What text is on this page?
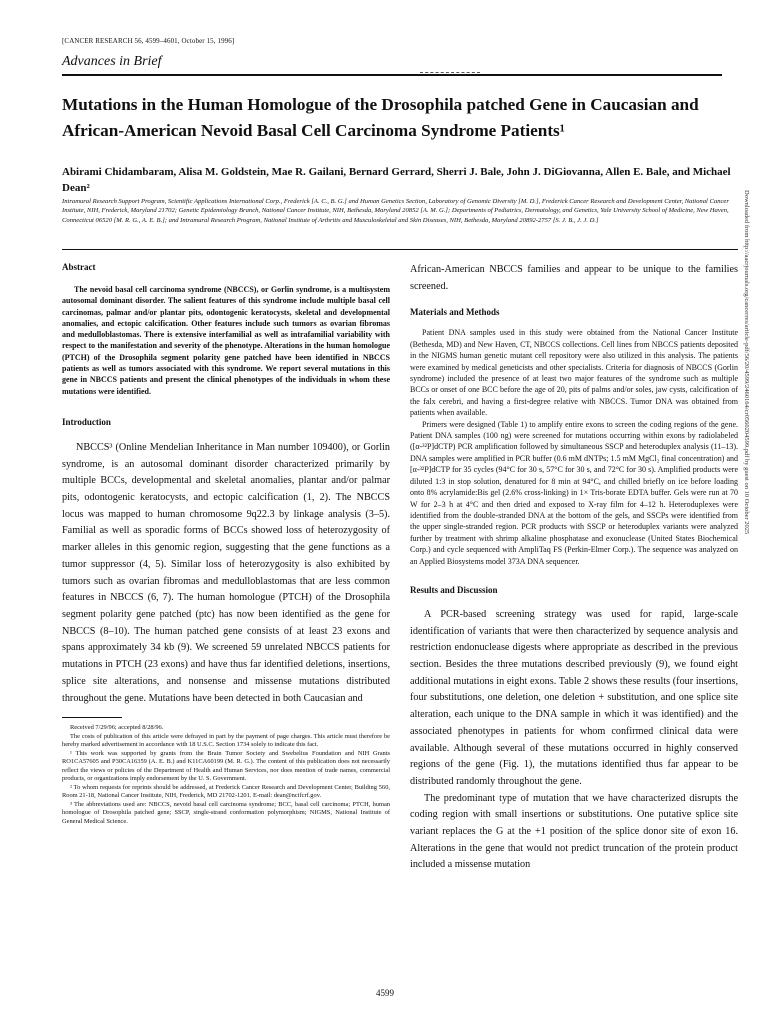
[CANCER RESEARCH 56, 4599–4601, October 15, 1996]
Advances in Brief
Mutations in the Human Homologue of the Drosophila patched Gene in Caucasian and African-American Nevoid Basal Cell Carcinoma Syndrome Patients¹
Abirami Chidambaram, Alisa M. Goldstein, Mae R. Gailani, Bernard Gerrard, Sherri J. Bale, John J. DiGiovanna, Allen E. Bale, and Michael Dean²
Intramural Research Support Program, Scientific Applications International Corp., Frederick [A. C., B. G.] and Human Genetics Section, Laboratory of Genomic Diversity [M. D.], Frederick Cancer Research and Development Center, National Cancer Institute, NIH, Frederick, Maryland 21702; Genetic Epidemiology Branch, National Cancer Institute, NIH, Bethesda, Maryland 20852 [A. M. G.]; Departments of Pediatrics, Dermatology, and Genetics, Yale University School of Medicine, New Haven, Connecticut 06520 [M. R. G., A. E. B.]; and Intramural Research Program, National Institute of Arthritis and Musculoskeletal and Skin Diseases, NIH, Bethesda, Maryland 20892-2757 [S. J. B., J. J. D.]
Abstract

The nevoid basal cell carcinoma syndrome (NBCCS), or Gorlin syndrome, is a multisystem autosomal dominant disorder. The salient features of this syndrome include multiple basal cell carcinomas, palmar and/or plantar pits, odontogenic keratocysts, skeletal and developmental anomalies, and ectopic calcification. Other features include such tumors as ovarian fibromas and medulloblastomas. There is extensive interfamilial as well as intrafamilial variability with respect to the manifestation and severity of the phenotype. Alterations in the human homologue (PTCH) of the Drosophila segment polarity gene patched have been identified in NBCCS patients as well as tumors associated with this syndrome. We report several mutations in this gene in NBCCS patients and present the clinical phenotypes of the individuals in whom these mutations were identified.

Introduction

NBCCS³ (Online Mendelian Inheritance in Man number 109400), or Gorlin syndrome, is an autosomal dominant disorder characterized primarily by multiple BCCs, developmental and skeletal anomalies, plantar and/or palmar pits, odontogenic keratocysts, and ectopic calcification (1, 2). The NBCCS locus was mapped to human chromosome 9q22.3 by linkage analysis (3–5). Familial as well as sporadic forms of BCCs showed loss of heterozygosity of marker alleles in this genomic region, suggesting that the gene functions as a tumor suppressor (4, 5). Similar loss of heterozygosity is also exhibited by tumors such as ovarian fibromas and medulloblastomas that are less common features in NBCCS (6, 7). The human homologue (PTCH) of the Drosophila segment polarity gene patched (ptc) has now been identified as the gene for NBCCS (8–10). The human patched gene consists of at least 23 exons and spans approximately 34 kb (9). We screened 59 unrelated NBCCS patients for mutations in PTCH (23 exons) and have thus far identified deletions, insertions, splice site alterations, and nonsense and missense mutations distributed throughout the gene. Mutations have been detected in both Caucasian and

Received 7/29/96; accepted 8/28/96.

The costs of publication of this article were defrayed in part by the payment of page charges. This article must therefore be hereby marked advertisement in accordance with 18 U.S.C. Section 1734 solely to indicate this fact.

¹ This work was supported by grants from the Brain Tumor Society and Swebelius Foundation and NIH Grants RO1CA57605 and P30CA16359 (A. E. B.) and K11CA60199 (M. R. G.). The content of this publication does not necessarily reflect the views or policies of the Department of Health and Human Services, nor does mention of trade names, commercial products, or organizations imply endorsement by the U. S. Government.

² To whom requests for reprints should be addressed, at Frederick Cancer Research and Development Center, Building 560, Room 21-18, National Cancer Institute, NIH, Frederick, MD 21702-1201. E-mail: dean@ncifcrf.gov.

³ The abbreviations used are: NBCCS, nevoid basal cell carcinoma syndrome; BCC, basal cell carcinoma; PTCH, human homologue of Drosophila patched gene; SSCP, single-strand conformation polymorphism; NIGMS, National Institute of General Medical Science.

African-American NBCCS families and appear to be unique to the families screened.

Materials and Methods

Patient DNA samples used in this study were obtained from the National Cancer Institute (Bethesda, MD) and New Haven, CT, NBCCS collections. Cell lines from NBCCS patients deposited in the NIGMS human genetic mutant cell repository were also utilized in this analysis. The patients were examined by medical geneticists and other specialists. Criteria for diagnosis of NBCCS (Gorlin syndrome) included the presence of at least two major features of the syndrome such as multiple BCCs or onset of one BCC before the age of 20, pits of palms and/or soles, jaw cysts, calcification of the falx cerebri, and having a first-degree relative with NBCCS. Tumor DNA was obtained from patients when available.

Primers were designed (Table 1) to amplify entire exons to screen the coding regions of the gene. Patient DNA samples (100 ng) were screened for mutations occurring within exons by radiolabeled ([α-³²P]dCTP) PCR amplification followed by simultaneous SSCP and heteroduplex analysis (11–13). DNA samples were amplified in PCR buffer (0.6 mM dNTPs; 1.5 mM MgCl₂ final concentration) and [α-³²P]dCTP for 35 cycles (94°C for 30 s, 57°C for 30 s, and 72°C for 30 s). Amplified products were diluted 1:3 in stop solution, denatured for 8 min at 94°C, and chilled briefly on ice before loading onto 8% acrylamide:Bis gel (2.6% cross-linking) in 1× Tris-borate EDTA buffer. Gels were run at 70 W for 2–3 h at 4°C and then dried and exposed to X-ray film for 4–12 h. Heteroduplexes were identified from the double-stranded DNA at the bottom of the gels, and SSCPs were identified from the upper single-stranded region. PCR products with SSCP or heteroduplex variants were analyzed further by treatment with shrimp alkaline phosphatase and exonuclease (United States Biochemical Corp.) and cycle sequenced with AmpliTaq FS (Perkin-Elmer Corp.). The sequence was analyzed on an Applied Biosystems model 373A DNA sequencer.

Results and Discussion

A PCR-based screening strategy was used for rapid, large-scale identification of variants that were then characterized by sequence analysis and restriction endonuclease digests where appropriate as described in the previous section. Besides the three mutations described previously (9), we found eight additional mutations in eight exons. Table 2 shows these results (four insertions, four substitutions, one deletion, one deletion + substitution, and one splice site alteration, each unique to the DNA sample in which it was identified) and the associated phenotypes in patients for whom confirmed clinical data were available. Although several of these mutations occurred in highly conserved regions of the gene (Fig. 1), the mutations identified thus far appear to be distributed randomly throughout the gene.

The predominant type of mutation that we have characterized disrupts the coding region with small insertions or substitutions. One putative splice site variant replaces the G at the +1 position of the splice donor site of exon 16. Alterations in the gene that would not predict truncation of the protein product included a missense mutation

Downloaded from http://aacrjournals.org/cancerres/article-pdf/56/20/4599/2460164/cr0560204599.pdf by guest on 10 October 2025
4599
